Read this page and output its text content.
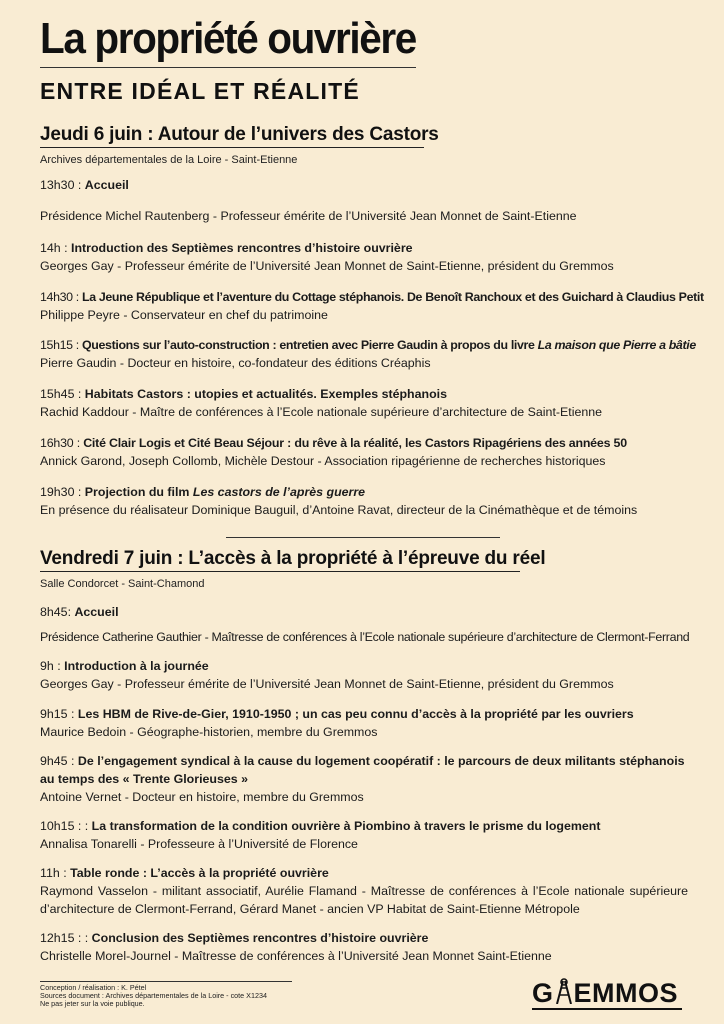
La propriété ouvrière
ENTRE IDÉAL ET RÉALITÉ
Jeudi 6 juin : Autour de l’univers des Castors
Archives départementales de la Loire - Saint-Etienne
13h30 : Accueil
Présidence Michel Rautenberg - Professeur émérite de l’Université Jean Monnet de Saint-Etienne
14h : Introduction des Septièmes rencontres d’histoire ouvrière
Georges Gay - Professeur émérite de l’Université Jean Monnet de Saint-Etienne, président du Gremmos
14h30 : La Jeune République et l’aventure du Cottage stéphanois. De Benoît Ranchoux et des Guichard à Claudius Petit
Philippe Peyre - Conservateur en chef du patrimoine
15h15 : Questions sur l’auto-construction : entretien avec Pierre Gaudin à propos du livre La maison que Pierre a bâtie
Pierre Gaudin - Docteur en histoire, co-fondateur des éditions Créaphis
15h45 : Habitats Castors : utopies et actualités. Exemples stéphanois
Rachid Kaddour - Maître de conférences à l’Ecole nationale supérieure d’architecture de Saint-Etienne
16h30 : Cité Clair Logis et Cité Beau Séjour : du rêve à la réalité, les Castors Ripagériens des années 50
Annick Garond, Joseph Collomb, Michèle Destour - Association ripagérienne de recherches historiques
19h30 : Projection du film Les castors de l’après guerre
En présence du réalisateur Dominique Bauguil, d’Antoine Ravat, directeur de la Cinémathèque et de témoins
Vendredi 7 juin : L’accès à la propriété à l’épreuve du réel
Salle Condorcet - Saint-Chamond
8h45: Accueil
Présidence Catherine Gauthier - Maîtresse de conférences à l’Ecole nationale supérieure d’architecture de Clermont-Ferrand
9h : Introduction à la journée
Georges Gay - Professeur émérite de l’Université Jean Monnet de Saint-Etienne, président du Gremmos
9h15 : Les HBM de Rive-de-Gier, 1910-1950 ; un cas peu connu d’accès à la propriété par les ouvriers
Maurice Bedoin - Géographe-historien, membre du Gremmos
9h45 : De l’engagement syndical à la cause du logement coopératif : le parcours de deux militants stéphanois au temps des « Trente Glorieuses »
Antoine Vernet - Docteur en histoire, membre du Gremmos
10h15 : : La transformation de la condition ouvrière à Piombino à travers le prisme du logement
Annalisa Tonarelli - Professeure à l’Université de Florence
11h : Table ronde : L’accès à la propriété ouvrière
Raymond Vasselon - militant associatif, Aurélie Flamand - Maîtresse de conférences à l’Ecole nationale supérieure d’architecture de Clermont-Ferrand, Gérard Manet - ancien VP Habitat de Saint-Etienne Métropole
12h15 : : Conclusion des Septièmes rencontres d’histoire ouvrière
Christelle Morel-Journel - Maîtresse de conférences à l’Université Jean Monnet Saint-Etienne
Conception / réalisation : K. Pétel
Sources document : Archives départementales de la Loire - cote X1234
Ne pas jeter sur la voie publique.	G EMMOS
